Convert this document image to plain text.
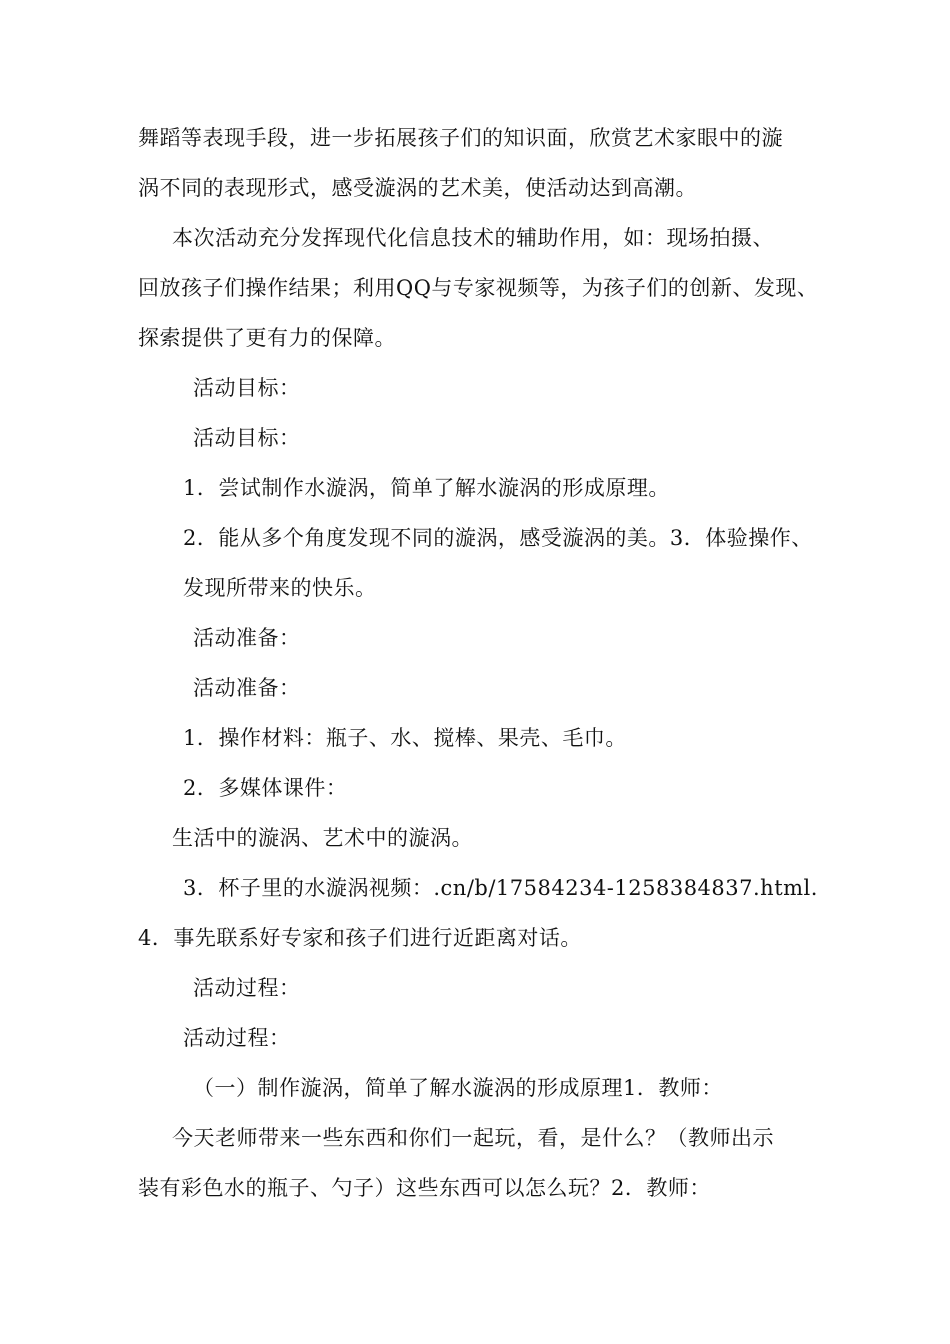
舞蹈等表现手段，进一步拓展孩子们的知识面，欣赏艺术家眼中的漩
涡不同的表现形式，感受漩涡的艺术美，使活动达到高潮。
本次活动充分发挥现代化信息技术的辅助作用，如：现场拍摄、
回放孩子们操作结果；利用QQ与专家视频等，为孩子们的创新、发现、
探索提供了更有力的保障。
活动目标：
活动目标：
1．尝试制作水漩涡，简单了解水漩涡的形成原理。
2．能从多个角度发现不同的漩涡，感受漩涡的美。3．体验操作、
发现所带来的快乐。
活动准备：
活动准备：
1．操作材料：瓶子、水、搅棒、果壳、毛巾。
2．多媒体课件：
生活中的漩涡、艺术中的漩涡。
3．杯子里的水漩涡视频：.cn/b/17584234-1258384837.html.
4．事先联系好专家和孩子们进行近距离对话。
活动过程：
活动过程：
（一）制作漩涡，简单了解水漩涡的形成原理1．教师：
今天老师带来一些东西和你们一起玩，看，是什么？（教师出示
装有彩色水的瓶子、勺子）这些东西可以怎么玩？2．教师：
